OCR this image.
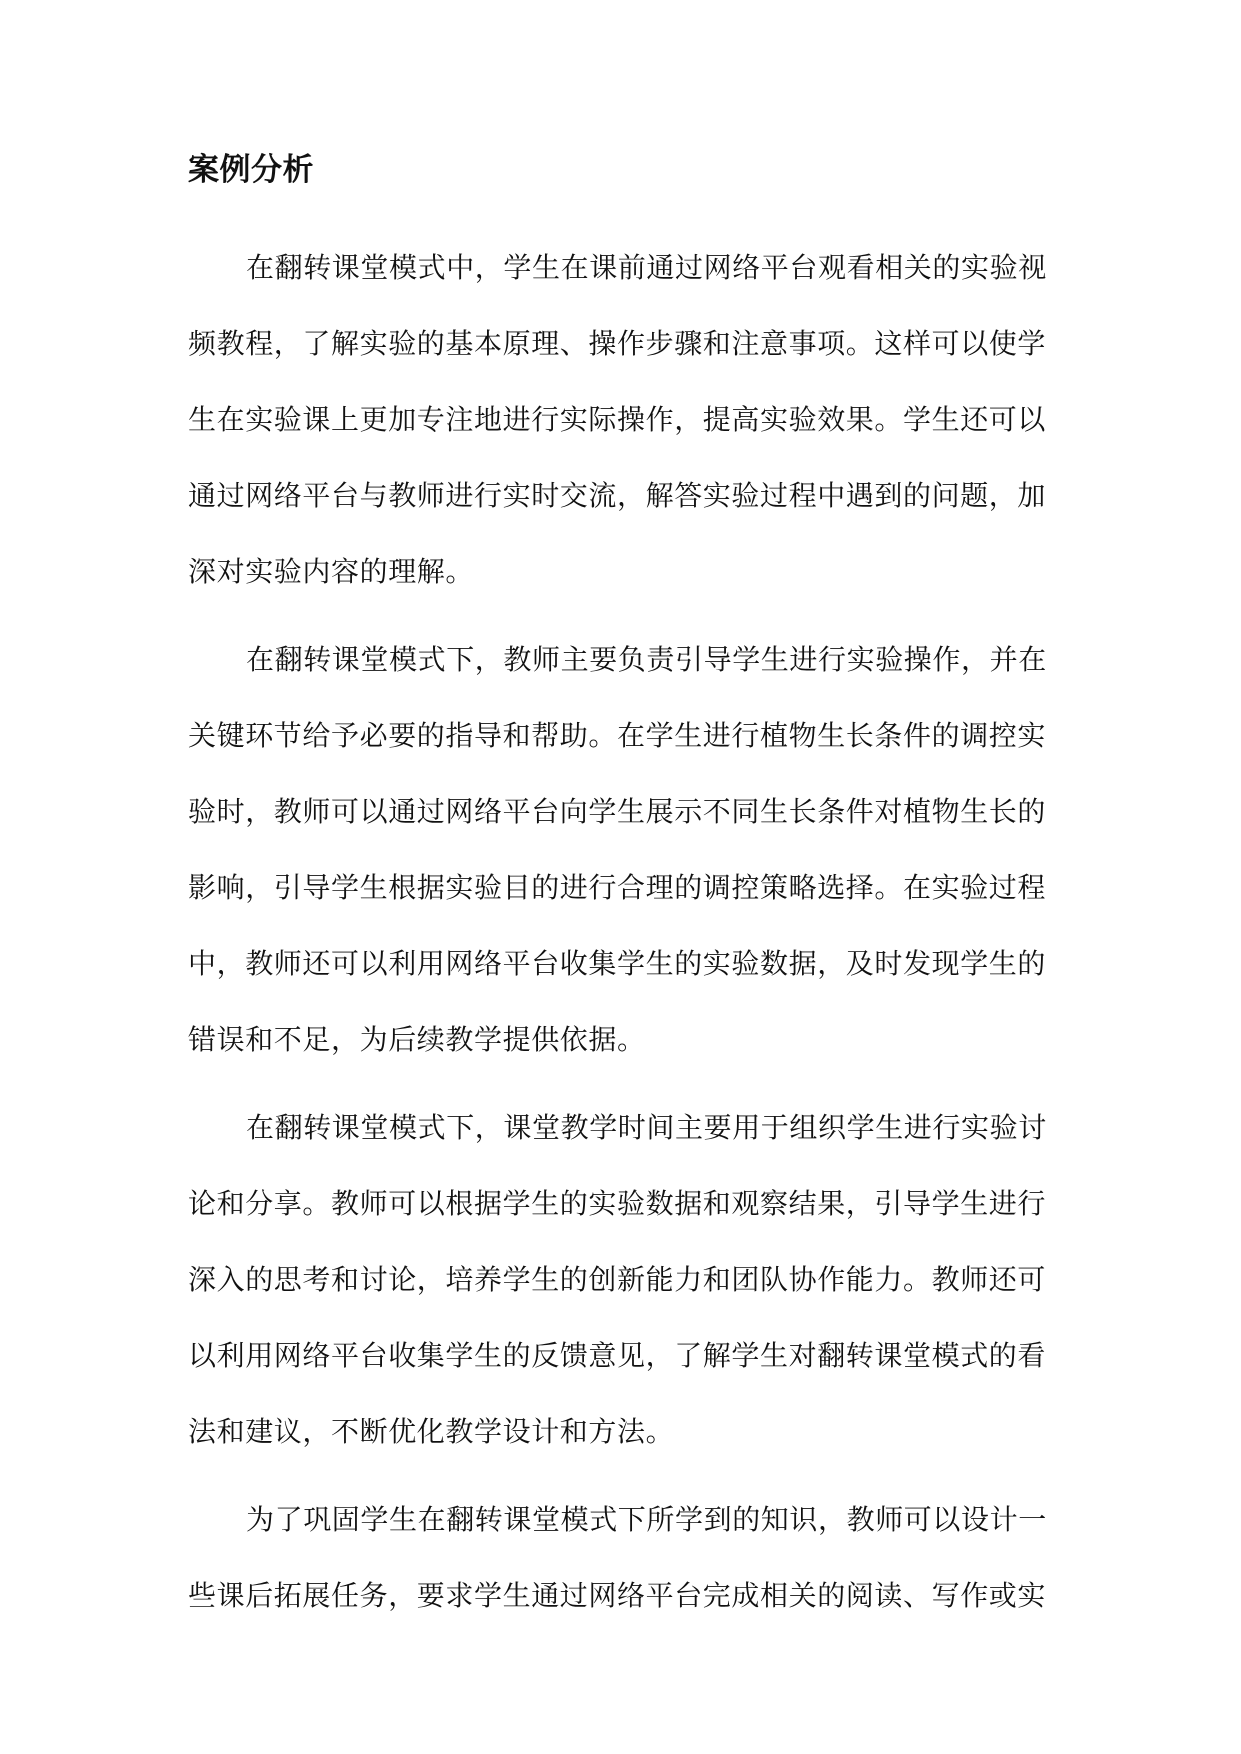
案例分析

在翻转课堂模式中，学生在课前通过网络平台观看相关的实验视
频教程，了解实验的基本原理、操作步骤和注意事项。这样可以使学
生在实验课上更加专注地进行实际操作，提高实验效果。学生还可以
通过网络平台与教师进行实时交流，解答实验过程中遇到的问题，加
深对实验内容的理解。

在翻转课堂模式下，教师主要负责引导学生进行实验操作，并在
关键环节给予必要的指导和帮助。在学生进行植物生长条件的调控实
验时，教师可以通过网络平台向学生展示不同生长条件对植物生长的
影响，引导学生根据实验目的进行合理的调控策略选择。在实验过程
中，教师还可以利用网络平台收集学生的实验数据，及时发现学生的
错误和不足，为后续教学提供依据。

在翻转课堂模式下，课堂教学时间主要用于组织学生进行实验讨
论和分享。教师可以根据学生的实验数据和观察结果，引导学生进行
深入的思考和讨论，培养学生的创新能力和团队协作能力。教师还可
以利用网络平台收集学生的反馈意见，了解学生对翻转课堂模式的看
法和建议，不断优化教学设计和方法。

为了巩固学生在翻转课堂模式下所学到的知识，教师可以设计一
些课后拓展任务，要求学生通过网络平台完成相关的阅读、写作或实
